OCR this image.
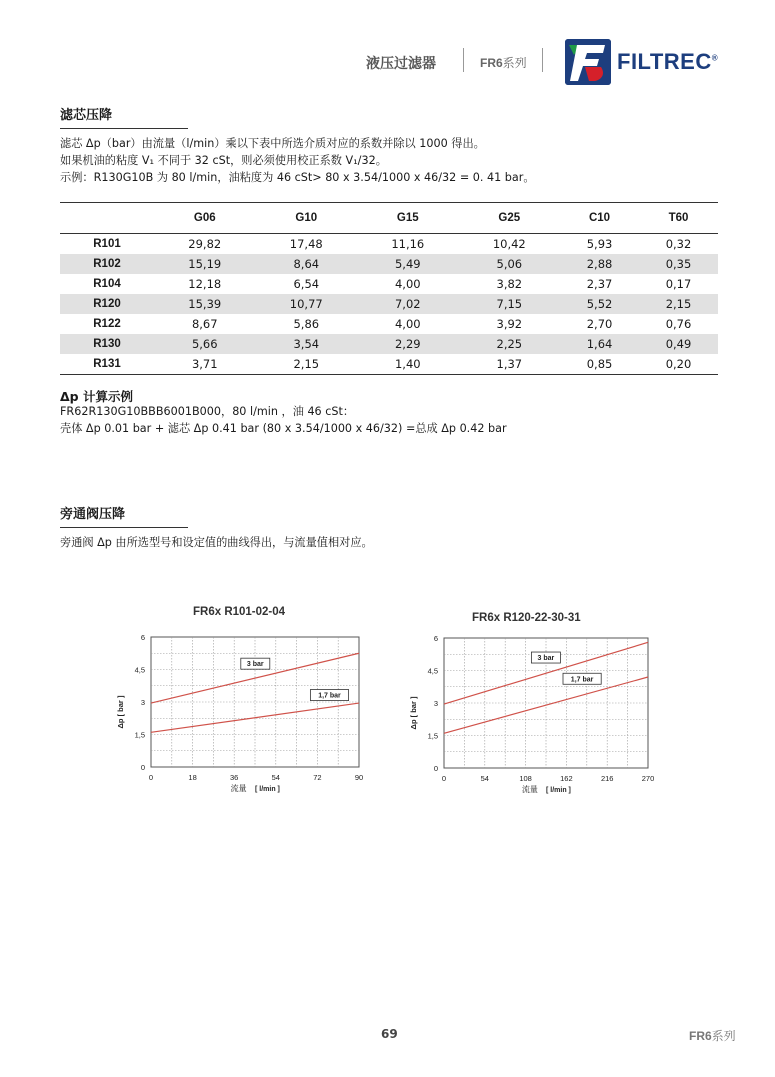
液压过滤器	FR6系列	FILTREC®
滤芯压降
滤芯 Δp（bar）由流量（l/min）乘以下表中所选介质对应的系数并除以 1000 得出。
如果机油的粘度 V₁ 不同于 32 cSt，则必须使用校正系数 V₁/32。
示例：R130G10B 为 80 l/min，油粘度为 46 cSt> 80 x 3.54/1000 x 46/32 = 0. 41 bar。
	G06	G10	G15	G25	C10	T60
R101	29,82	17,48	11,16	10,42	5,93	0,32
R102	15,19	8,64	5,49	5,06	2,88	0,35
R104	12,18	6,54	4,00	3,82	2,37	0,17
R120	15,39	10,77	7,02	7,15	5,52	2,15
R122	8,67	5,86	4,00	3,92	2,70	0,76
R130	5,66	3,54	2,29	2,25	1,64	0,49
R131	3,71	2,15	1,40	1,37	0,85	0,20
Δp 计算示例
FR62R130G10BBB6001B000，80 l/min ，油 46 cSt：
壳体 Δp 0.01 bar + 滤芯 Δp 0.41 bar (80 x 3.54/1000 x 46/32) =总成 Δp 0.42 bar
旁通阀压降
旁通阀 Δp 由所选型号和设定值的曲线得出，与流量值相对应。
FR6x R101-02-04
0	18	36	54	72	90
0
1,5
3
4,5
6
流量 [ l/min ]
Δp [ bar ]
3 bar
1,7 bar
FR6x R120-22-30-31
0	54	108	162	216	270
0
1,5
3
4,5
6
流量 [ l/min ]
Δp [ bar ]
3 bar
1,7 bar
69	FR6系列
